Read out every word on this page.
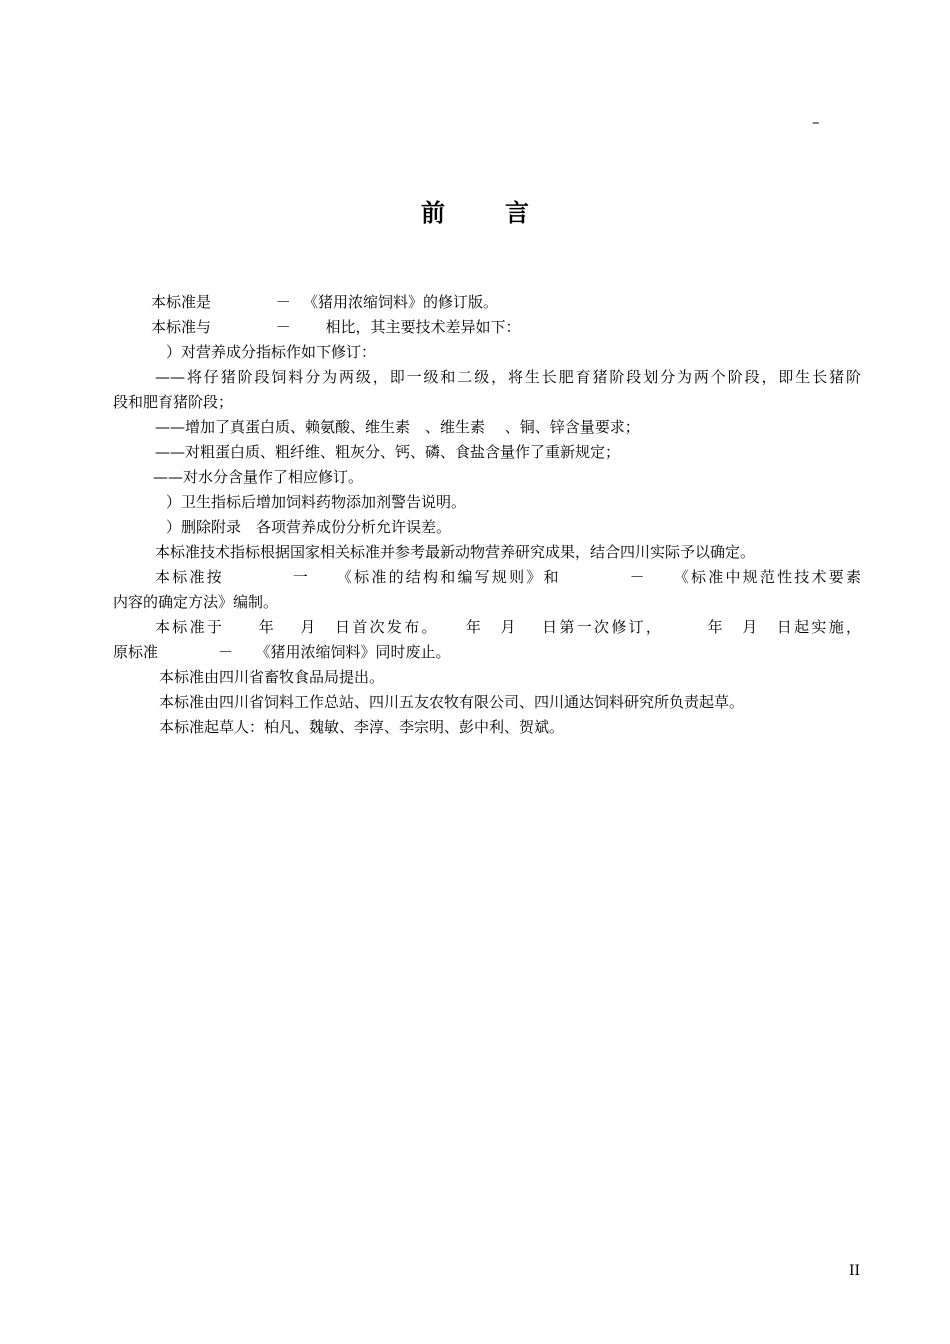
–
前	言
本标准是 　　　　－ 　《猪用浓缩饲料》的修订版。
本标准与 　　　　－ 　　相比，其主要技术差异如下：
　）对营养成分指标作如下修订：
——将仔猪阶段饲料分为两级，即一级和二级，将生长肥育猪阶段划分为两个阶段，即生长猪阶
段和肥育猪阶段；
——增加了真蛋白质、赖氨酸、维生素　、维生素　 、铜、锌含量要求；
——对粗蛋白质、粗纤维、粗灰分、钙、磷、食盐含量作了重新规定；
——对水分含量作了相应修订。
　）卫生指标后增加饲料药物添加剂警告说明。
　）删除附录　各项营养成份分析允许误差。
本标准技术指标根据国家相关标准并参考最新动物营养研究成果，结合四川实际予以确定。
本标准按　　　　一　　《标准的结构和编写规则》和　　　　－　　《标准中规范性技术要素
内容的确定方法》编制。
本标准于　　年　 月　日首次发布。　　年　月　 日第一次修订，　　　年　月　日起实施，
原标准　　　　－　　《猪用浓缩饲料》同时废止。
本标准由四川省畜牧食品局提出。
本标准由四川省饲料工作总站、四川五友农牧有限公司、四川通达饲料研究所负责起草。
本标准起草人：柏凡、魏敏、李淳、李宗明、彭中利、贺斌。
II
